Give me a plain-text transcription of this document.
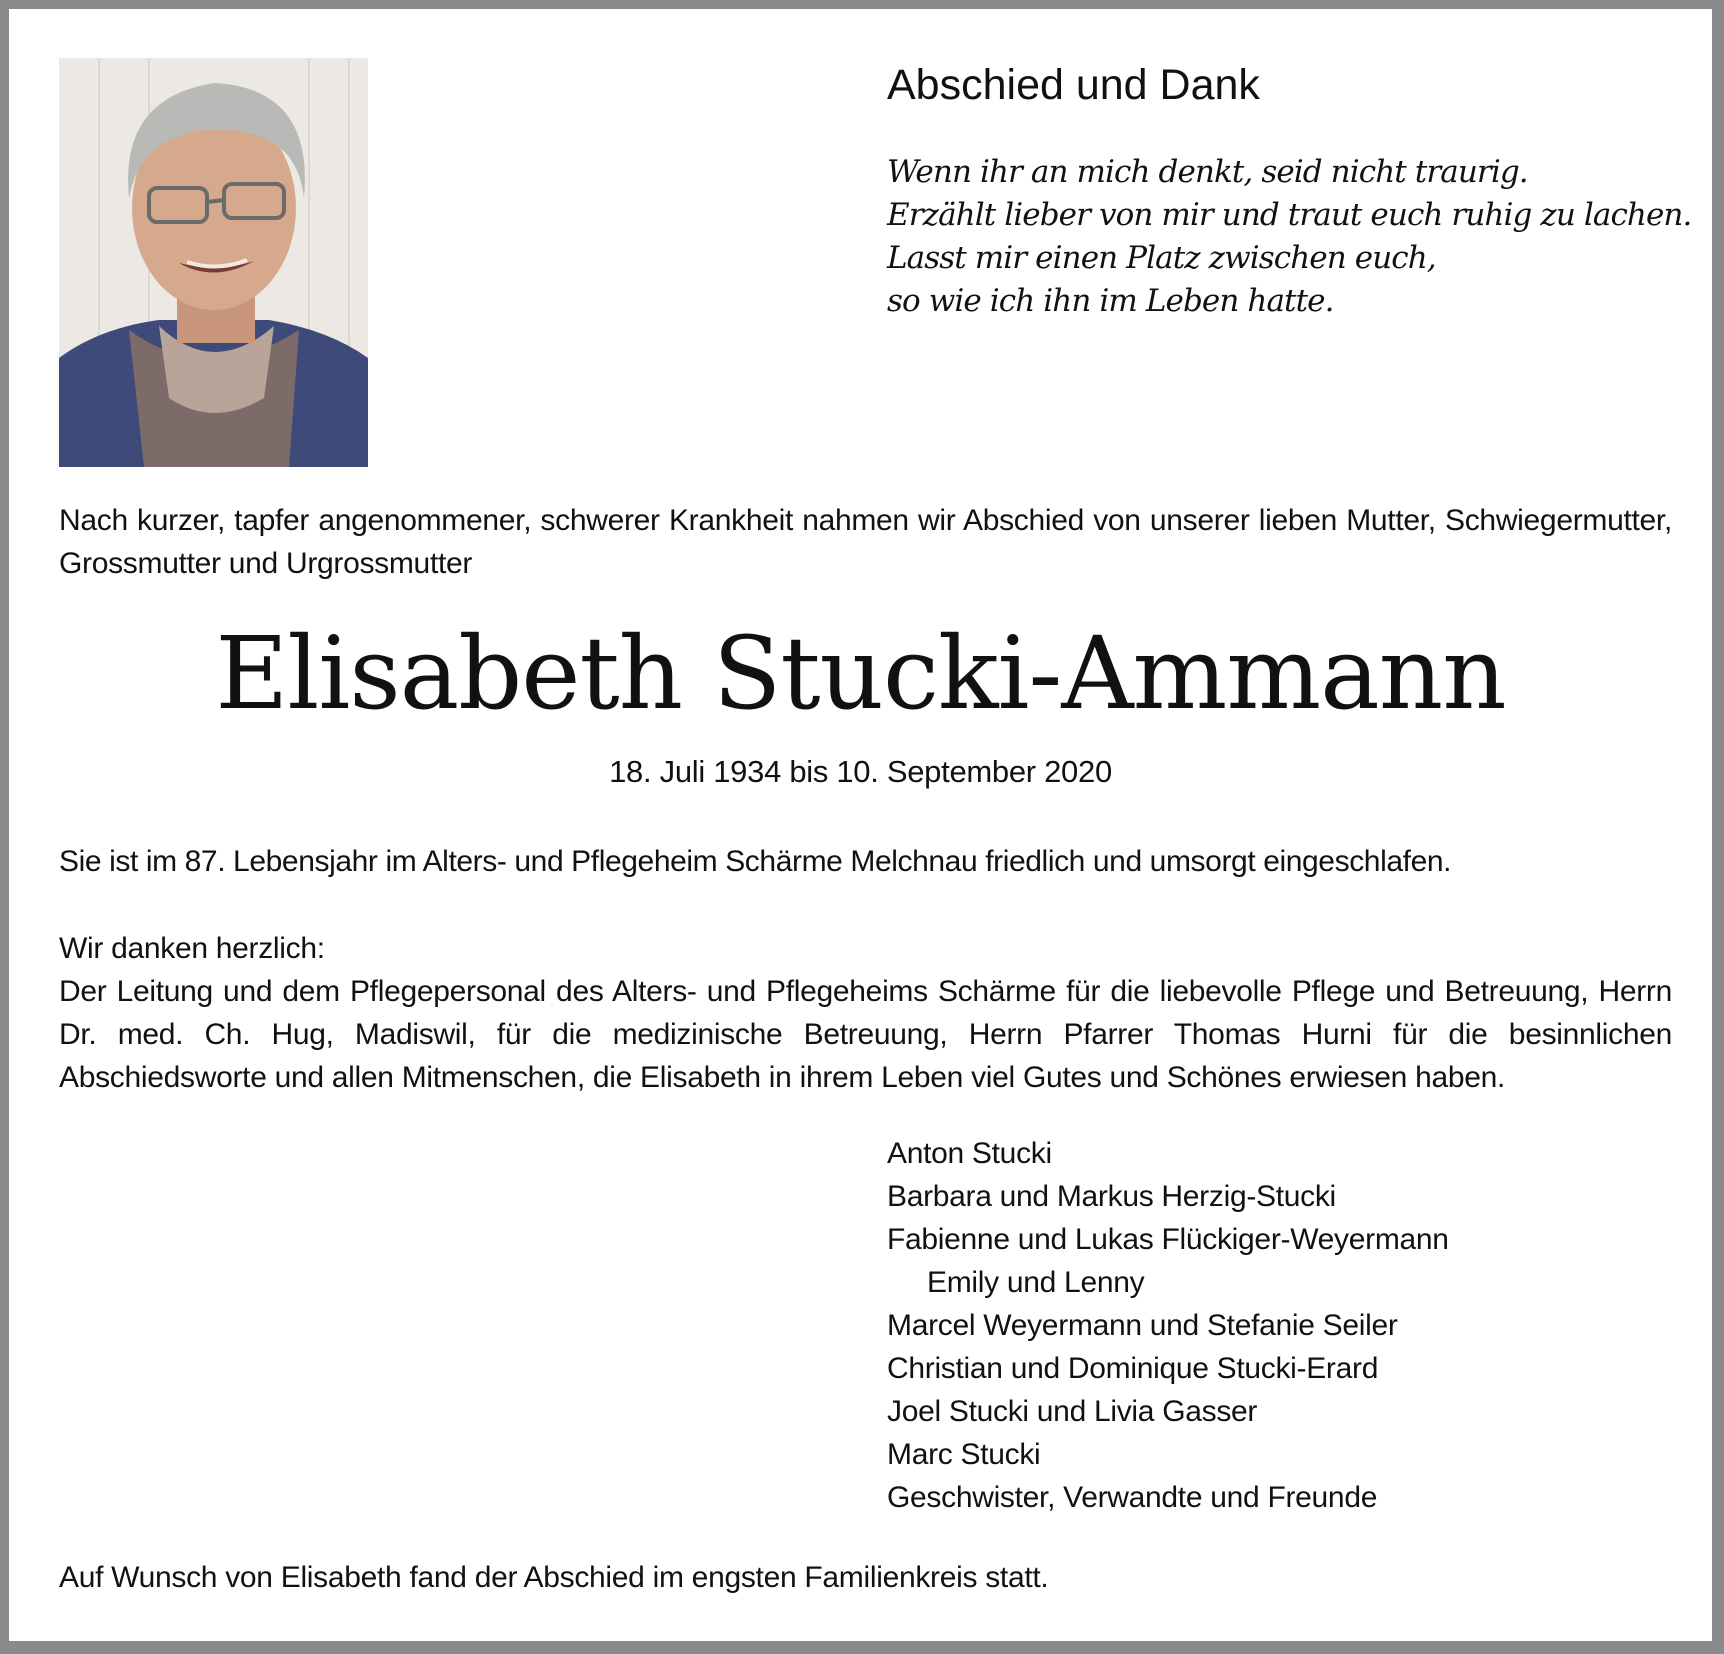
Abschied und Dank
Wenn ihr an mich denkt, seid nicht traurig.
Erzählt lieber von mir und traut euch ruhig zu lachen.
Lasst mir einen Platz zwischen euch,
so wie ich ihn im Leben hatte.
Nach kurzer, tapfer angenommener, schwerer Krankheit nahmen wir Abschied von unserer lieben Mutter, Schwiegermutter, Grossmutter und Urgrossmutter
Elisabeth Stucki-Ammann
18. Juli 1934 bis 10. September 2020
Sie ist im 87. Lebensjahr im Alters- und Pflegeheim Schärme Melchnau friedlich und umsorgt eingeschlafen.
Wir danken herzlich:
Der Leitung und dem Pflegepersonal des Alters- und Pflegeheims Schärme für die liebevolle Pflege und Betreuung, Herrn Dr. med. Ch. Hug, Madiswil, für die medizinische Betreuung, Herrn Pfarrer Thomas Hurni für die besinnlichen Abschiedsworte und allen Mitmenschen, die Elisabeth in ihrem Leben viel Gutes und Schönes erwiesen haben.
Anton Stucki
Barbara und Markus Herzig-Stucki
Fabienne und Lukas Flückiger-Weyermann
Emily und Lenny
Marcel Weyermann und Stefanie Seiler
Christian und Dominique Stucki-Erard
Joel Stucki und Livia Gasser
Marc Stucki
Geschwister, Verwandte und Freunde
Auf Wunsch von Elisabeth fand der Abschied im engsten Familienkreis statt.
